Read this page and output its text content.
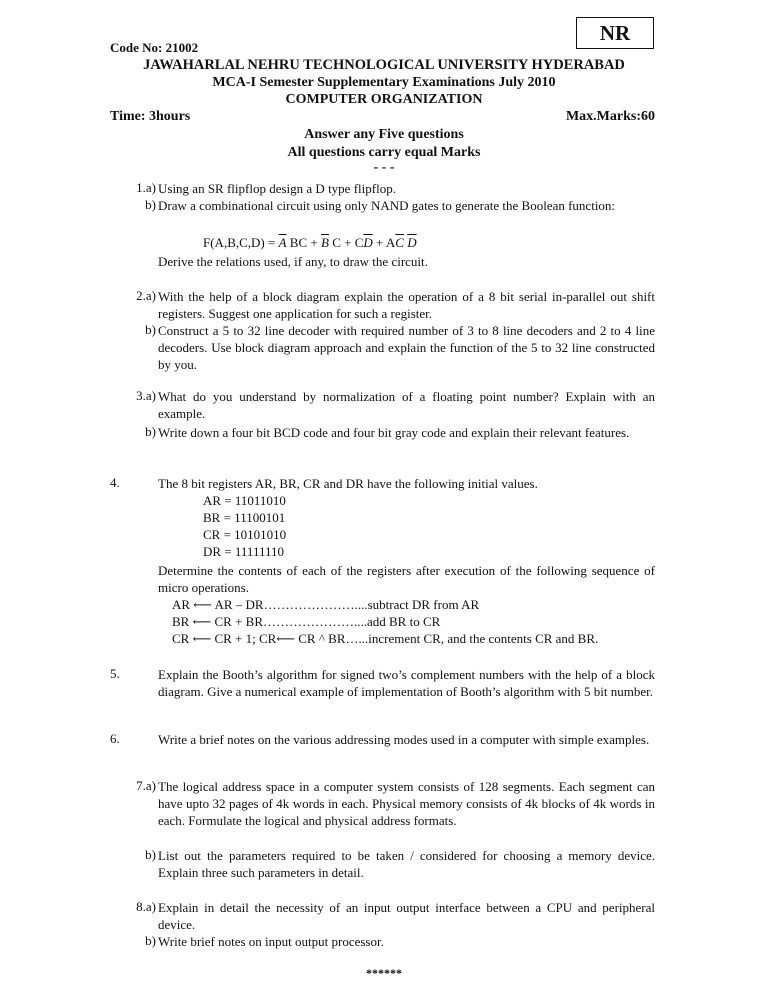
NR
Code No: 21002
JAWAHARLAL NEHRU TECHNOLOGICAL UNIVERSITY HYDERABAD
MCA-I Semester Supplementary Examinations July 2010
COMPUTER ORGANIZATION
Time: 3hours	Max.Marks:60
Answer any Five questions
All questions carry equal Marks
- - -
1.a) Using an SR flipflop design a D type flipflop.
b) Draw a combinational circuit using only NAND gates to generate the Boolean function:
$F(A,B,C,D) = \overline{A}$ BC + $\overline{B}$ $C + C\overline{D} + A\overline{C}$ $\overline{D}$
Derive the relations used, if any, to draw the circuit.
2.a) With the help of a block diagram explain the operation of a 8 bit serial in-parallel out shift registers. Suggest one application for such a register.
b) Construct a 5 to 32 line decoder with required number of 3 to 8 line decoders and 2 to 4 line decoders. Use block diagram approach and explain the function of the 5 to 32 line constructed by you.
3.a) What do you understand by normalization of a floating point number? Explain with an example.
b) Write down a four bit BCD code and four bit gray code and explain their relevant features.
4.	The 8 bit registers AR, BR, CR and DR have the following initial values.
AR = 11011010
BR = 11100101
CR = 10101010
DR = 11111110
Determine the contents of each of the registers after execution of the following sequence of micro operations.
AR ⟵ AR – DR…………………....subtract DR from AR
BR ⟵ CR + BR…………………....add BR to CR
CR ⟵ CR + 1; CR⟵ CR ^ BR…...increment CR, and the contents CR and BR.
5.	Explain the Booth’s algorithm for signed two’s complement numbers with the help of a block diagram. Give a numerical example of implementation of Booth’s algorithm with 5 bit number.
6.	Write a brief notes on the various addressing modes used in a computer with simple examples.
7.a) The logical address space in a computer system consists of 128 segments. Each segment can have upto 32 pages of 4k words in each. Physical memory consists of 4k blocks of 4k words in each. Formulate the logical and physical address formats.
b) List out the parameters required to be taken / considered for choosing a memory device. Explain three such parameters in detail.
8.a) Explain in detail the necessity of an input output interface between a CPU and peripheral device.
b) Write brief notes on input output processor.
******
